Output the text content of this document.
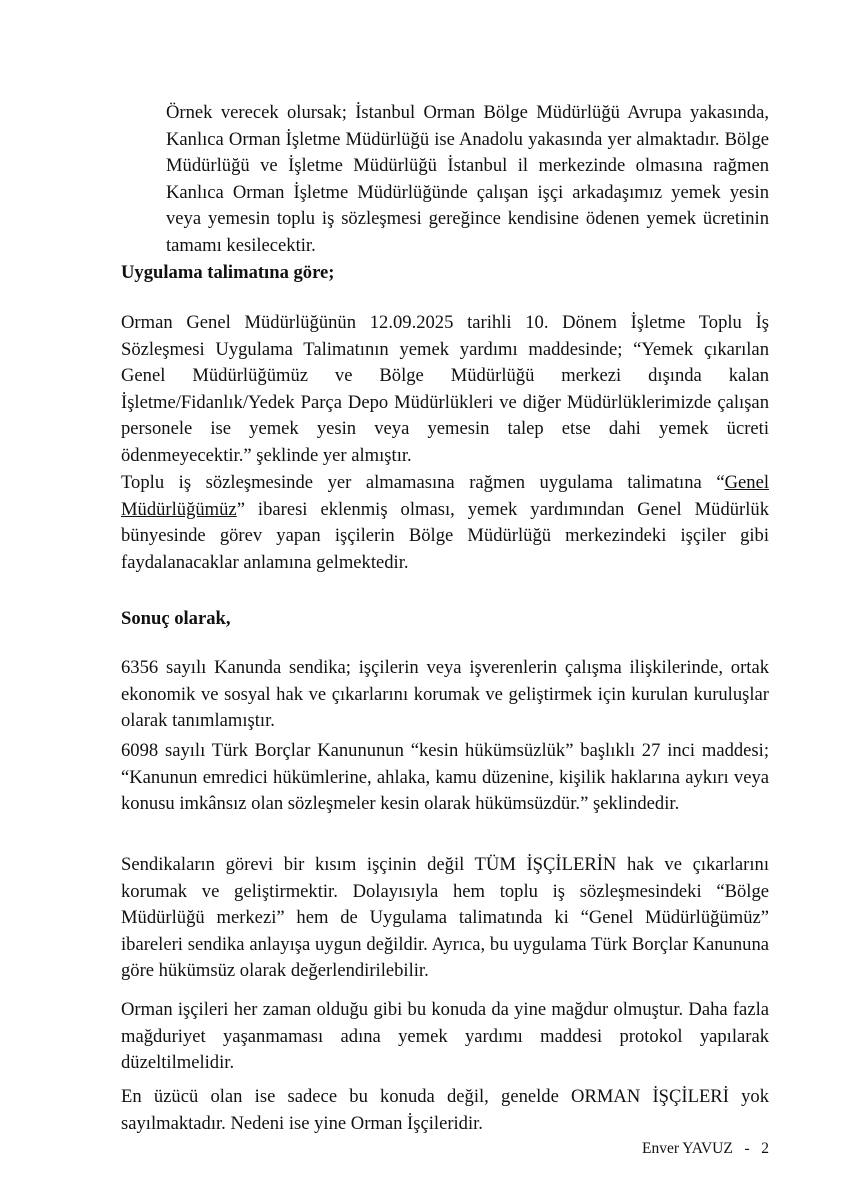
Örnek verecek olursak; İstanbul Orman Bölge Müdürlüğü Avrupa yakasında, Kanlıca Orman İşletme Müdürlüğü ise Anadolu yakasında yer almaktadır. Bölge Müdürlüğü ve İşletme Müdürlüğü İstanbul il merkezinde olmasına rağmen Kanlıca Orman İşletme Müdürlüğünde çalışan işçi arkadaşımız yemek yesin veya yemesin toplu iş sözleşmesi gereğince kendisine ödenen yemek ücretinin tamamı kesilecektir.

Uygulama talimatına göre;

Orman Genel Müdürlüğünün 12.09.2025 tarihli 10. Dönem İşletme Toplu İş Sözleşmesi Uygulama Talimatının yemek yardımı maddesinde; “Yemek çıkarılan Genel Müdürlüğümüz ve Bölge Müdürlüğü merkezi dışında kalan İşletme/Fidanlık/Yedek Parça Depo Müdürlükleri ve diğer Müdürlüklerimizde çalışan personele ise yemek yesin veya yemesin talep etse dahi yemek ücreti ödenmeyecektir.” şeklinde yer almıştır.

Toplu iş sözleşmesinde yer almamasına rağmen uygulama talimatına “Genel Müdürlüğümüz” ibaresi eklenmiş olması, yemek yardımından Genel Müdürlük bünyesinde görev yapan işçilerin Bölge Müdürlüğü merkezindeki işçiler gibi faydalanacaklar anlamına gelmektedir.

Sonuç olarak,

6356 sayılı Kanunda sendika; işçilerin veya işverenlerin çalışma ilişkilerinde, ortak ekonomik ve sosyal hak ve çıkarlarını korumak ve geliştirmek için kurulan kuruluşlar olarak tanımlamıştır.

6098 sayılı Türk Borçlar Kanununun “kesin hükümsüzlük” başlıklı 27 inci maddesi; “Kanunun emredici hükümlerine, ahlaka, kamu düzenine, kişilik haklarına aykırı veya konusu imkânsız olan sözleşmeler kesin olarak hükümsüzdür.” şeklindedir.

Sendikaların görevi bir kısım işçinin değil TÜM İŞÇİLERİN hak ve çıkarlarını korumak ve geliştirmektir. Dolayısıyla hem toplu iş sözleşmesindeki “Bölge Müdürlüğü merkezi” hem de Uygulama talimatında ki “Genel Müdürlüğümüz” ibareleri sendika anlayışa uygun değildir. Ayrıca, bu uygulama Türk Borçlar Kanununa göre hükümsüz olarak değerlendirilebilir.

Orman işçileri her zaman olduğu gibi bu konuda da yine mağdur olmuştur. Daha fazla mağduriyet yaşanmaması adına yemek yardımı maddesi protokol yapılarak düzeltilmelidir.

En üzücü olan ise sadece bu konuda değil, genelde ORMAN İŞÇİLERİ yok sayılmaktadır. Nedeni ise yine Orman İşçileridir.

Enver YAVUZ - 2
